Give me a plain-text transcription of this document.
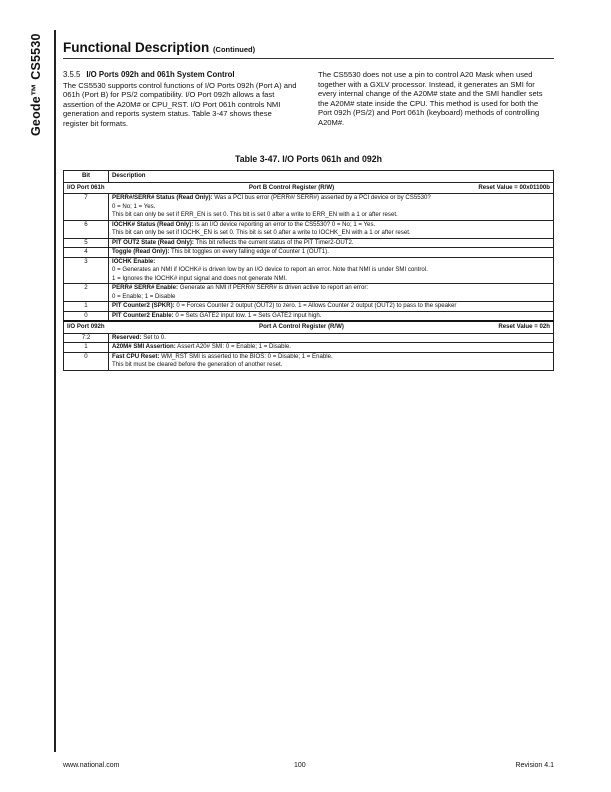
Geode™ CS5530 Functional Description (Continued)
3.5.5 I/O Ports 092h and 061h System Control
The CS5530 supports control functions of I/O Ports 092h (Port A) and 061h (Port B) for PS/2 compatibility. I/O Port 092h allows a fast assertion of the A20M# or CPU_RST. I/O Port 061h controls NMI generation and reports system status. Table 3-47 shows these register bit formats.
The CS5530 does not use a pin to control A20 Mask when used together with a GXLV processor. Instead, it generates an SMI for every internal change of the A20M# state and the SMI handler sets the A20M# state inside the CPU. This method is used for both the Port 092h (PS/2) and Port 061h (keyboard) methods of controlling A20M#.
Table 3-47. I/O Ports 061h and 092h
Bit	Description

I/O Port 061h Port B Control Register (R/W) Reset Value = 00x01100b	

7	PERR#/SERR# Status (Read Only): Was a PCI bus error (PERR#/ SERR#) asserted by a PCI device or by CS5530?
0 = No; 1 = Yes.
This bit can only be set if ERR_EN is set 0. This bit is set 0 after a write to ERR_EN with a 1 or after reset.

6	IOCHK# Status (Read Only): Is an I/O device reporting an error to the CS5530? 0 = No; 1 = Yes.
This bit can only be set if IOCHK_EN is set 0. This bit is set 0 after a write to IOCHK_EN with a 1 or after reset.

5	PIT OUT2 State (Read Only): This bit reflects the current status of the PIT Timer2-OUT2.

4	Toggle (Read Only): This bit toggles on every falling edge of Counter 1 (OUT1).

3	IOCHK Enable:
0 = Generates an NMI if IOCHK# is driven low by an I/O device to report an error. Note that NMI is under SMI control.
1 = Ignores the IOCHK# input signal and does not generate NMI.

2	PERR# SERR# Enable: Generate an NMI if PERR#/ SERR# is driven active to report an error:
0 = Enable; 1 = Disable

1	PIT Counter2 (SPKR): 0 = Forces Counter 2 output (OUT2) to zero. 1 = Allows Counter 2 output (OUT2) to pass to the speaker

0	PIT Counter2 Enable: 0 = Sets GATE2 input low. 1 = Sets GATE2 input high.

I/O Port 092h Port A Control Register (R/W) Reset Value = 02h	

7:2	Reserved: Set to 0.

1	A20M# SMI Assertion: Assert A20# SMI: 0 = Enable; 1 = Disable.

0	Fast CPU Reset: WM_RST SMI is asserted to the BIOS: 0 = Disable; 1 = Enable.
This bit must be cleared before the generation of another reset.
www.national.com	100	Revision 4.1
